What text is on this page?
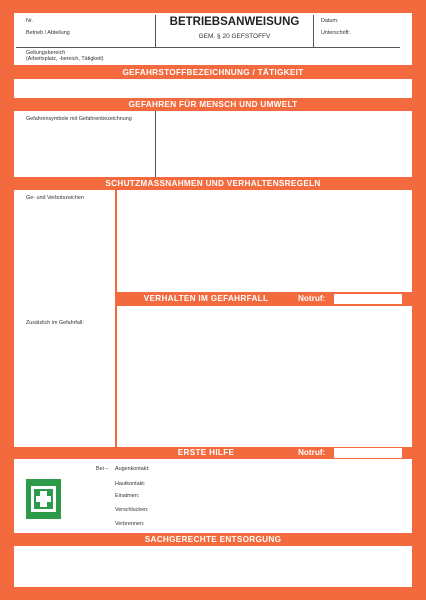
Nr.
Betrieb / Abteilung
BETRIEBSANWEISUNG
GEM. § 20 GEFSTOFFV
Datum:
Unterschrift:
Geltungsbereich
(Arbeitsplatz, -bereich, Tätigkeit)
GEFAHRSTOFFBEZEICHNUNG / TÄTIGKEIT
GEFAHREN FÜR MENSCH UND UMWELT
Gefahrensymbole mit Gefahrenbezeichnung
SCHUTZMASSNAHMEN UND VERHALTENSREGELN
Ge- und Verbotszeichen
Zusätzlich im Gefahrfall:
VERHALTEN IM GEFAHRFALL	Notruf:
ERSTE HILFE	Notruf:
Bei – Augenkontakt:
Hautkontakt:
Einatmen:
Verschlucken:
Verbrennen:
SACHGERECHTE ENTSORGUNG
